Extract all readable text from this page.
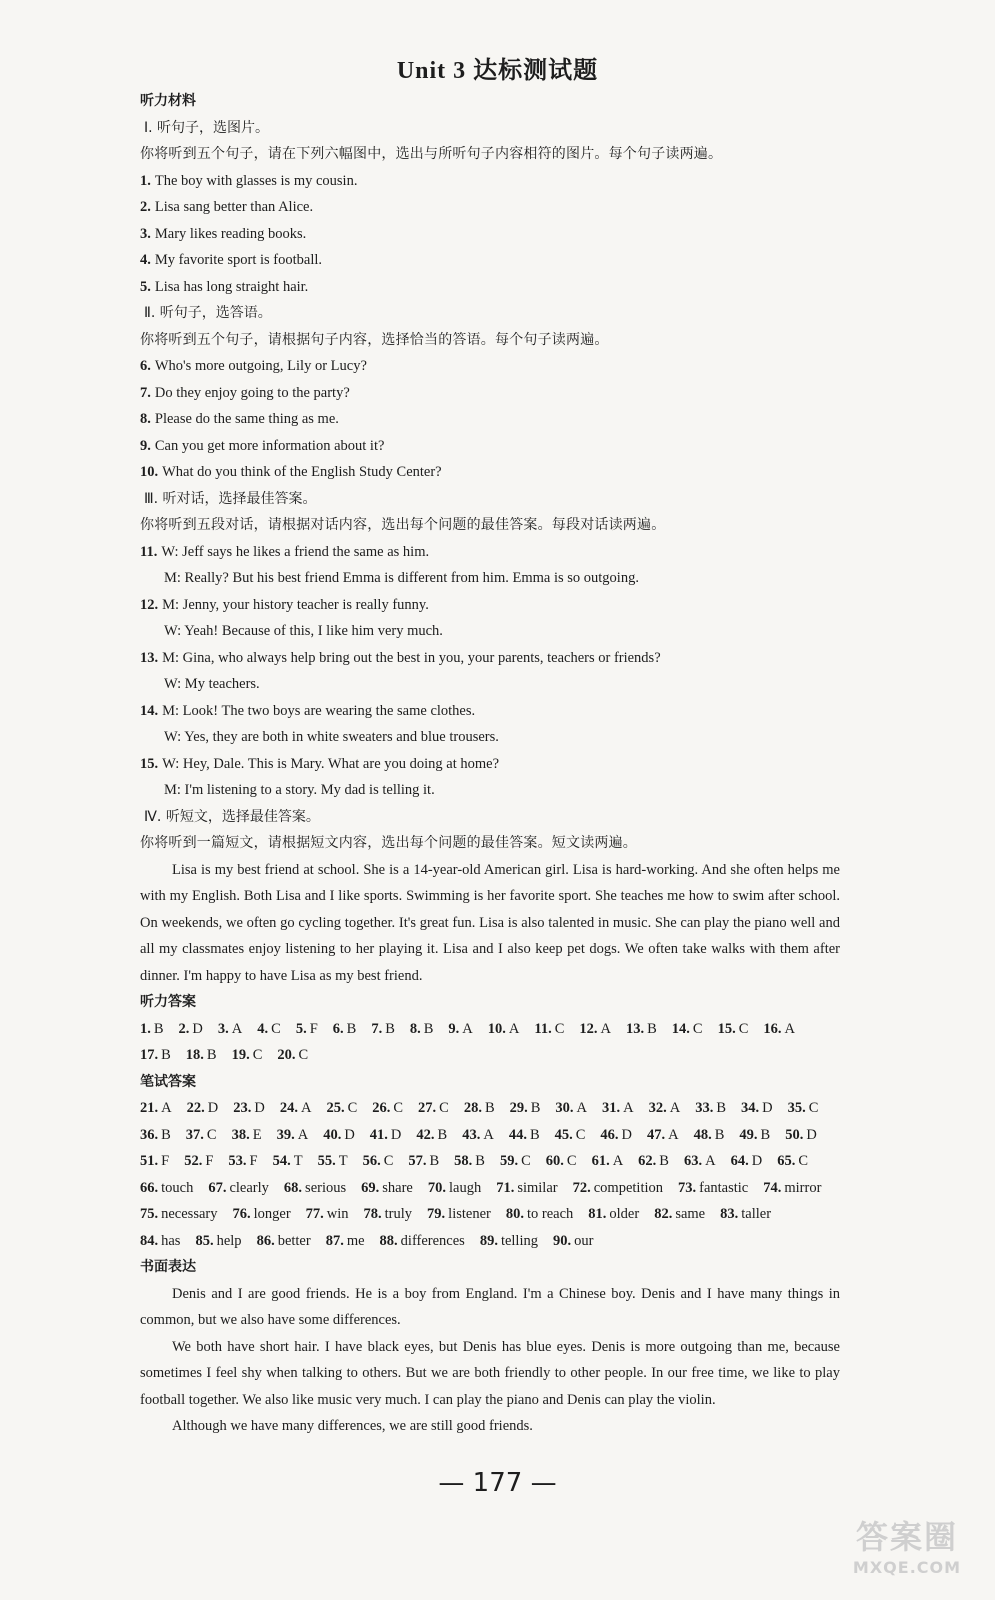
Unit 3 达标测试题
听力材料
Ⅰ. 听句子，选图片。
你将听到五个句子，请在下列六幅图中，选出与所听句子内容相符的图片。每个句子读两遍。
1. The boy with glasses is my cousin.
2. Lisa sang better than Alice.
3. Mary likes reading books.
4. My favorite sport is football.
5. Lisa has long straight hair.
Ⅱ. 听句子，选答语。
你将听到五个句子，请根据句子内容，选择恰当的答语。每个句子读两遍。
6. Who's more outgoing, Lily or Lucy?
7. Do they enjoy going to the party?
8. Please do the same thing as me.
9. Can you get more information about it?
10. What do you think of the English Study Center?
Ⅲ. 听对话，选择最佳答案。
你将听到五段对话，请根据对话内容，选出每个问题的最佳答案。每段对话读两遍。
11. W: Jeff says he likes a friend the same as him.
M: Really? But his best friend Emma is different from him. Emma is so outgoing.
12. M: Jenny, your history teacher is really funny.
W: Yeah! Because of this, I like him very much.
13. M: Gina, who always help bring out the best in you, your parents, teachers or friends?
W: My teachers.
14. M: Look! The two boys are wearing the same clothes.
W: Yes, they are both in white sweaters and blue trousers.
15. W: Hey, Dale. This is Mary. What are you doing at home?
M: I'm listening to a story. My dad is telling it.
Ⅳ. 听短文，选择最佳答案。
你将听到一篇短文，请根据短文内容，选出每个问题的最佳答案。短文读两遍。
Lisa is my best friend at school. She is a 14-year-old American girl. Lisa is hard-working. And she often helps me with my English. Both Lisa and I like sports. Swimming is her favorite sport. She teaches me how to swim after school. On weekends, we often go cycling together. It's great fun. Lisa is also talented in music. She can play the piano well and all my classmates enjoy listening to her playing it. Lisa and I also keep pet dogs. We often take walks with them after dinner. I'm happy to have Lisa as my best friend.
听力答案
1. B 2. D 3. A 4. C 5. F 6. B 7. B 8. B 9. A 10. A 11. C 12. A 13. B 14. C 15. C 16. A
17. B 18. B 19. C 20. C
笔试答案
21. A 22. D 23. D 24. A 25. C 26. C 27. C 28. B 29. B 30. A 31. A 32. A 33. B 34. D 35. C
36. B 37. C 38. E 39. A 40. D 41. D 42. B 43. A 44. B 45. C 46. D 47. A 48. B 49. B 50. D
51. F 52. F 53. F 54. T 55. T 56. C 57. B 58. B 59. C 60. C 61. A 62. B 63. A 64. D 65. C
66. touch 67. clearly 68. serious 69. share 70. laugh 71. similar 72. competition 73. fantastic 74. mirror
75. necessary 76. longer 77. win 78. truly 79. listener 80. to reach 81. older 82. same 83. taller
84. has 85. help 86. better 87. me 88. differences 89. telling 90. our
书面表达
Denis and I are good friends. He is a boy from England. I'm a Chinese boy. Denis and I have many things in common, but we also have some differences.
We both have short hair. I have black eyes, but Denis has blue eyes. Denis is more outgoing than me, because sometimes I feel shy when talking to others. But we are both friendly to other people. In our free time, we like to play football together. We also like music very much. I can play the piano and Denis can play the violin.
Although we have many differences, we are still good friends.
— 177 —
答案圈
MXQE.COM
